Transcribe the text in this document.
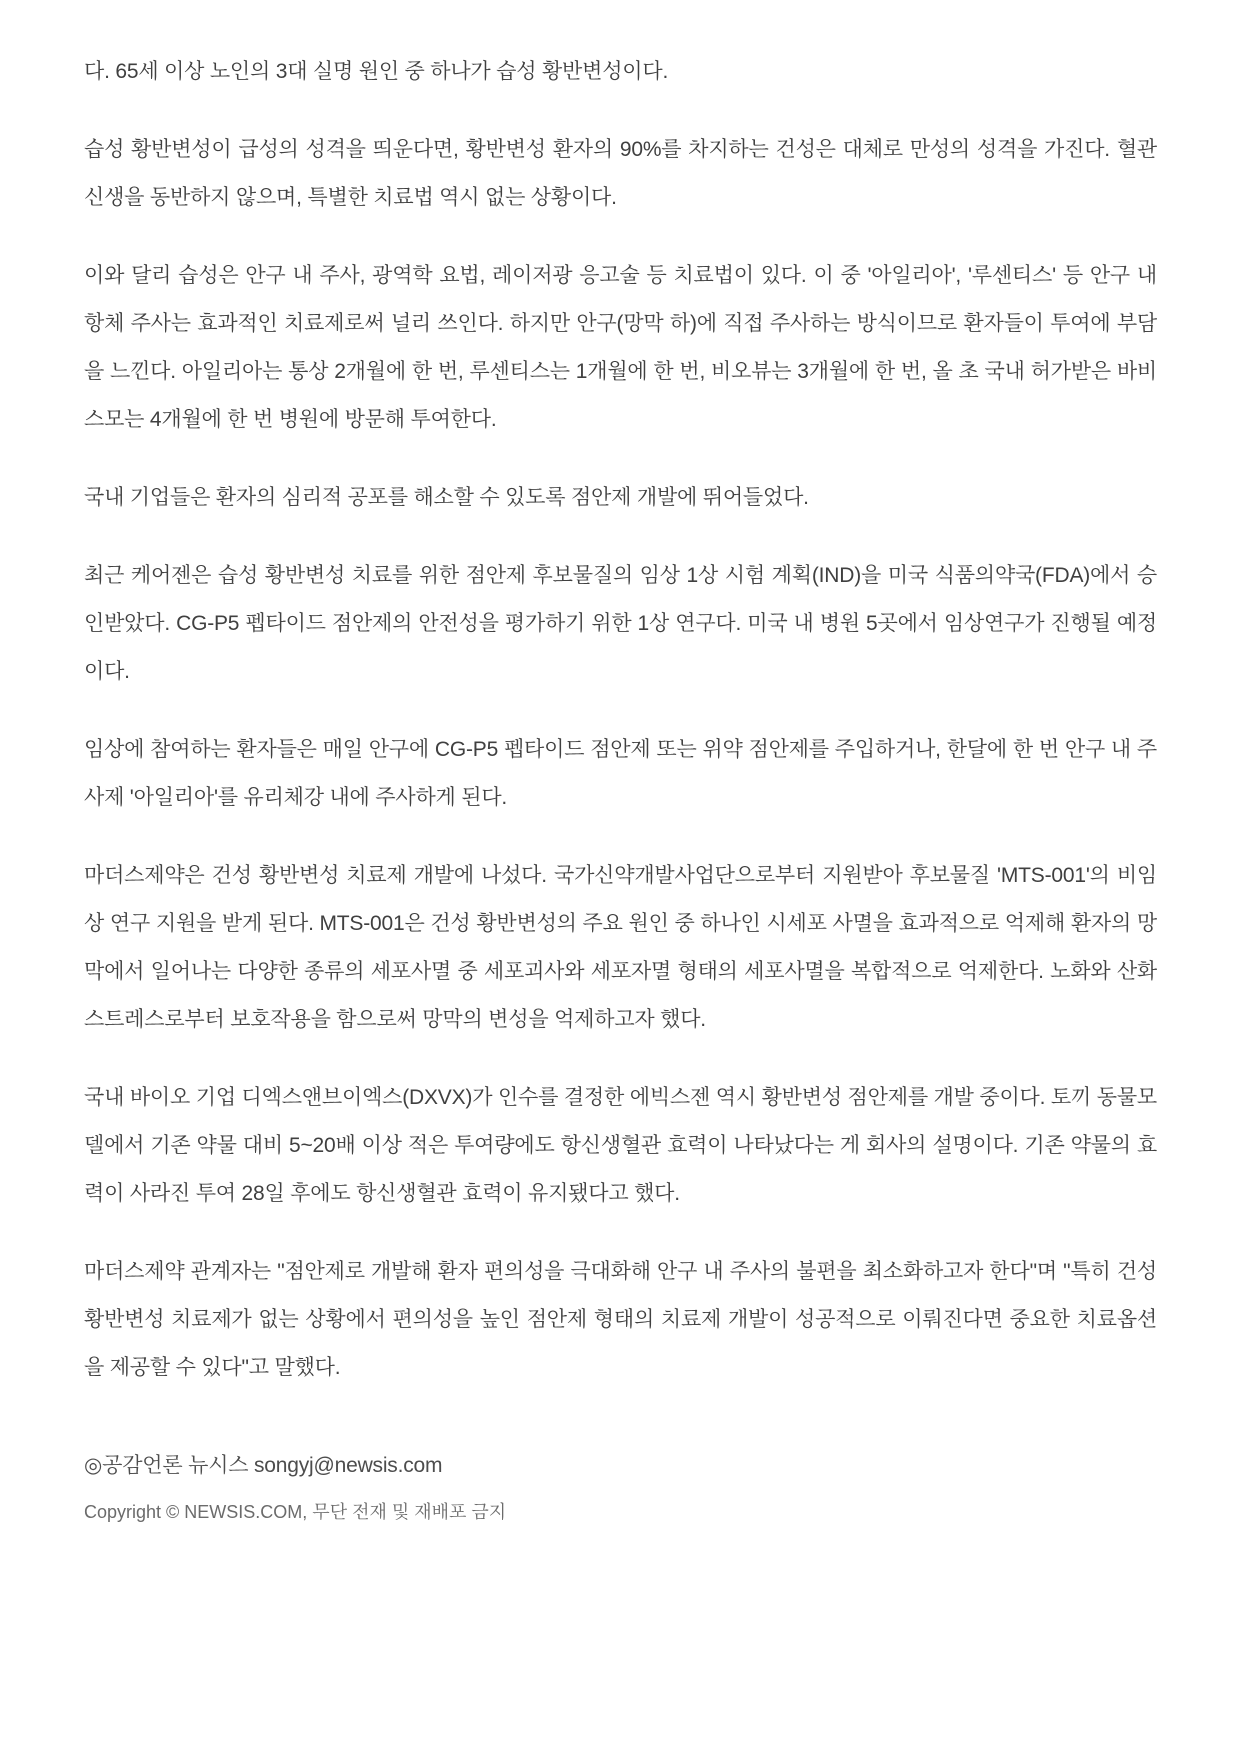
다. 65세 이상 노인의 3대 실명 원인 중 하나가 습성 황반변성이다.

습성 황반변성이 급성의 성격을 띄운다면, 황반변성 환자의 90%를 차지하는 건성은 대체로 만성의 성격을 가진다. 혈관신생을 동반하지 않으며, 특별한 치료법 역시 없는 상황이다.

이와 달리 습성은 안구 내 주사, 광역학 요법, 레이저광 응고술 등 치료법이 있다. 이 중 '아일리아', '루센티스' 등 안구 내 항체 주사는 효과적인 치료제로써 널리 쓰인다. 하지만 안구(망막 하)에 직접 주사하는 방식이므로 환자들이 투여에 부담을 느낀다. 아일리아는 통상 2개월에 한 번, 루센티스는 1개월에 한 번, 비오뷰는 3개월에 한 번, 올 초 국내 허가받은 바비스모는 4개월에 한 번 병원에 방문해 투여한다.

국내 기업들은 환자의 심리적 공포를 해소할 수 있도록 점안제 개발에 뛰어들었다.

최근 케어젠은 습성 황반변성 치료를 위한 점안제 후보물질의 임상 1상 시험 계획(IND)을 미국 식품의약국(FDA)에서 승인받았다. CG-P5 펩타이드 점안제의 안전성을 평가하기 위한 1상 연구다. 미국 내 병원 5곳에서 임상연구가 진행될 예정이다.

임상에 참여하는 환자들은 매일 안구에 CG-P5 펩타이드 점안제 또는 위약 점안제를 주입하거나, 한달에 한 번 안구 내 주사제 '아일리아'를 유리체강 내에 주사하게 된다.

마더스제약은 건성 황반변성 치료제 개발에 나섰다. 국가신약개발사업단으로부터 지원받아 후보물질 'MTS-001'의 비임상 연구 지원을 받게 된다. MTS-001은 건성 황반변성의 주요 원인 중 하나인 시세포 사멸을 효과적으로 억제해 환자의 망막에서 일어나는 다양한 종류의 세포사멸 중 세포괴사와 세포자멸 형태의 세포사멸을 복합적으로 억제한다. 노화와 산화 스트레스로부터 보호작용을 함으로써 망막의 변성을 억제하고자 했다.

국내 바이오 기업 디엑스앤브이엑스(DXVX)가 인수를 결정한 에빅스젠 역시 황반변성 점안제를 개발 중이다. 토끼 동물모델에서 기존 약물 대비 5~20배 이상 적은 투여량에도 항신생혈관 효력이 나타났다는 게 회사의 설명이다. 기존 약물의 효력이 사라진 투여 28일 후에도 항신생혈관 효력이 유지됐다고 했다.

마더스제약 관계자는 "점안제로 개발해 환자 편의성을 극대화해 안구 내 주사의 불편을 최소화하고자 한다"며 "특히 건성 황반변성 치료제가 없는 상황에서 편의성을 높인 점안제 형태의 치료제 개발이 성공적으로 이뤄진다면 중요한 치료옵션을 제공할 수 있다"고 말했다.

◎공감언론 뉴시스 songyj@newsis.com

Copyright © NEWSIS.COM, 무단 전재 및 재배포 금지
